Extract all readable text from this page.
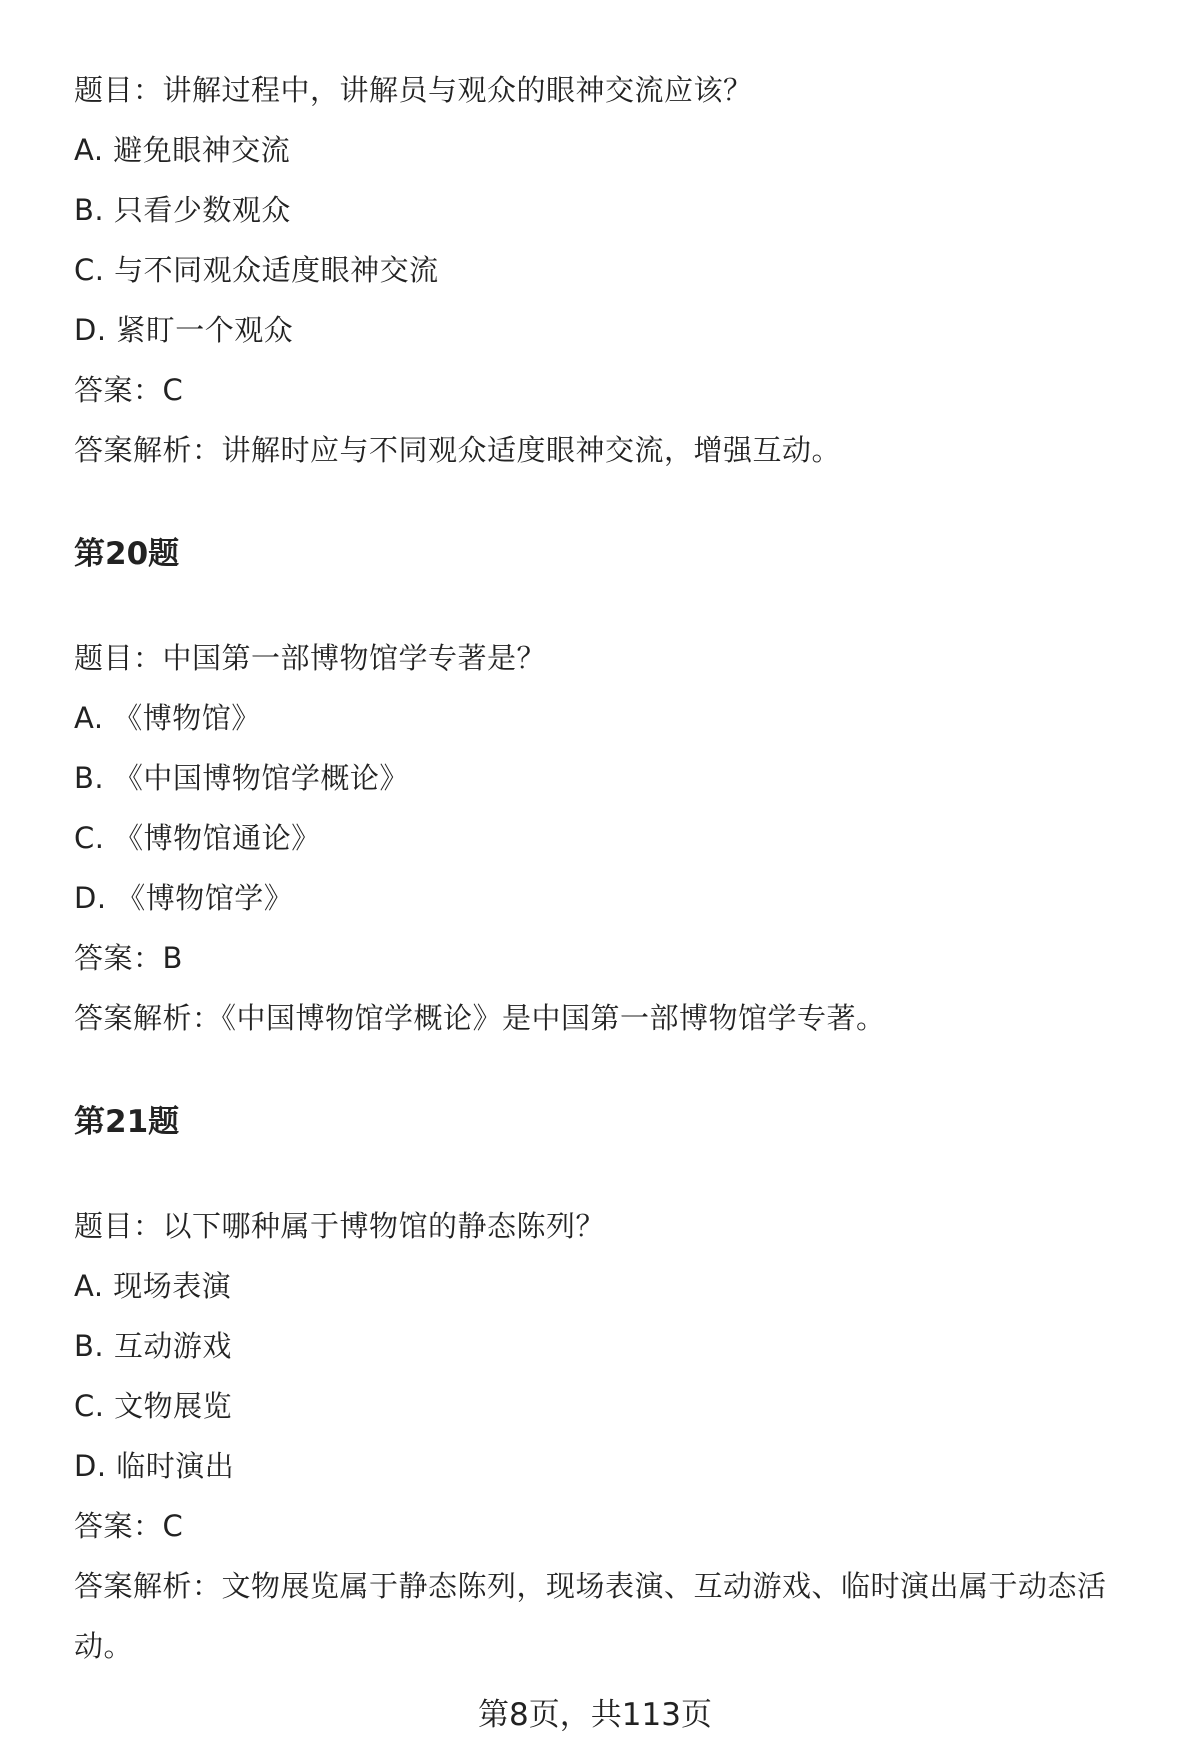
题目：讲解过程中，讲解员与观众的眼神交流应该？
A. 避免眼神交流
B. 只看少数观众
C. 与不同观众适度眼神交流
D. 紧盯一个观众
答案：C
答案解析：讲解时应与不同观众适度眼神交流，增强互动。
第20题
题目：中国第一部博物馆学专著是？
A. 《博物馆》
B. 《中国博物馆学概论》
C. 《博物馆通论》
D. 《博物馆学》
答案：B
答案解析：《中国博物馆学概论》是中国第一部博物馆学专著。
第21题
题目：以下哪种属于博物馆的静态陈列？
A. 现场表演
B. 互动游戏
C. 文物展览
D. 临时演出
答案：C
答案解析：文物展览属于静态陈列，现场表演、互动游戏、临时演出属于动态活动。
第8页，共113页
